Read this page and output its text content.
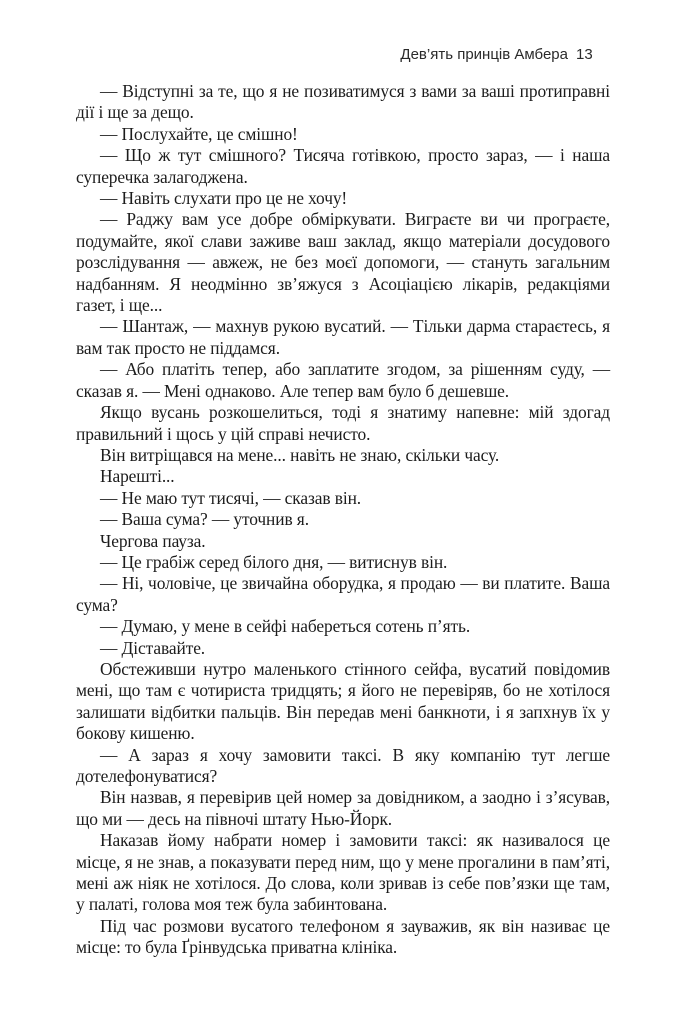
Дев’ять принців Амбера 13

— Відступні за те, що я не позиватимуся з вами за ваші протиправні дії і ще за дещо.

— Послухайте, це смішно!

— Що ж тут смішного? Тисяча готівкою, просто зараз, — і наша суперечка залагоджена.

— Навіть слухати про це не хочу!

— Раджу вам усе добре обміркувати. Виграєте ви чи програєте, подумайте, якої слави заживе ваш заклад, якщо матеріали досудового розслідування — авжеж, не без моєї допомоги, — стануть загальним надбанням. Я неодмінно зв’яжуся з Асоціацією лікарів, редакціями газет, і ще...

— Шантаж, — махнув рукою вусатий. — Тільки дарма стараєтесь, я вам так просто не піддамся.

— Або платіть тепер, або заплатите згодом, за рішенням суду, — сказав я. — Мені однаково. Але тепер вам було б дешевше.

Якщо вусань розкошелиться, тоді я знатиму напевне: мій здогад правильний і щось у цій справі нечисто.

Він витріщався на мене... навіть не знаю, скільки часу.

Нарешті...

— Не маю тут тисячі, — сказав він.

— Ваша сума? — уточнив я.

Чергова пауза.

— Це грабіж серед білого дня, — витиснув він.

— Ні, чоловіче, це звичайна оборудка, я продаю — ви платите. Ваша сума?

— Думаю, у мене в сейфі набереться сотень п’ять.

— Діставайте.

Обстеживши нутро маленького стінного сейфа, вусатий повідомив мені, що там є чотириста тридцять; я його не перевіряв, бо не хотілося залишати відбитки пальців. Він передав мені банкноти, і я запхнув їх у бокову кишеню.

— А зараз я хочу замовити таксі. В яку компанію тут легше дотелефонуватися?

Він назвав, я перевірив цей номер за довідником, а заодно і з’ясував, що ми — десь на півночі штату Нью-Йорк.

Наказав йому набрати номер і замовити таксі: як називалося це місце, я не знав, а показувати перед ним, що у мене прогалини в пам’яті, мені аж ніяк не хотілося. До слова, коли зривав із себе пов’язки ще там, у палаті, голова моя теж була забинтована.

Під час розмови вусатого телефоном я зауважив, як він називає це місце: то була Ґрінвудська приватна клініка.
